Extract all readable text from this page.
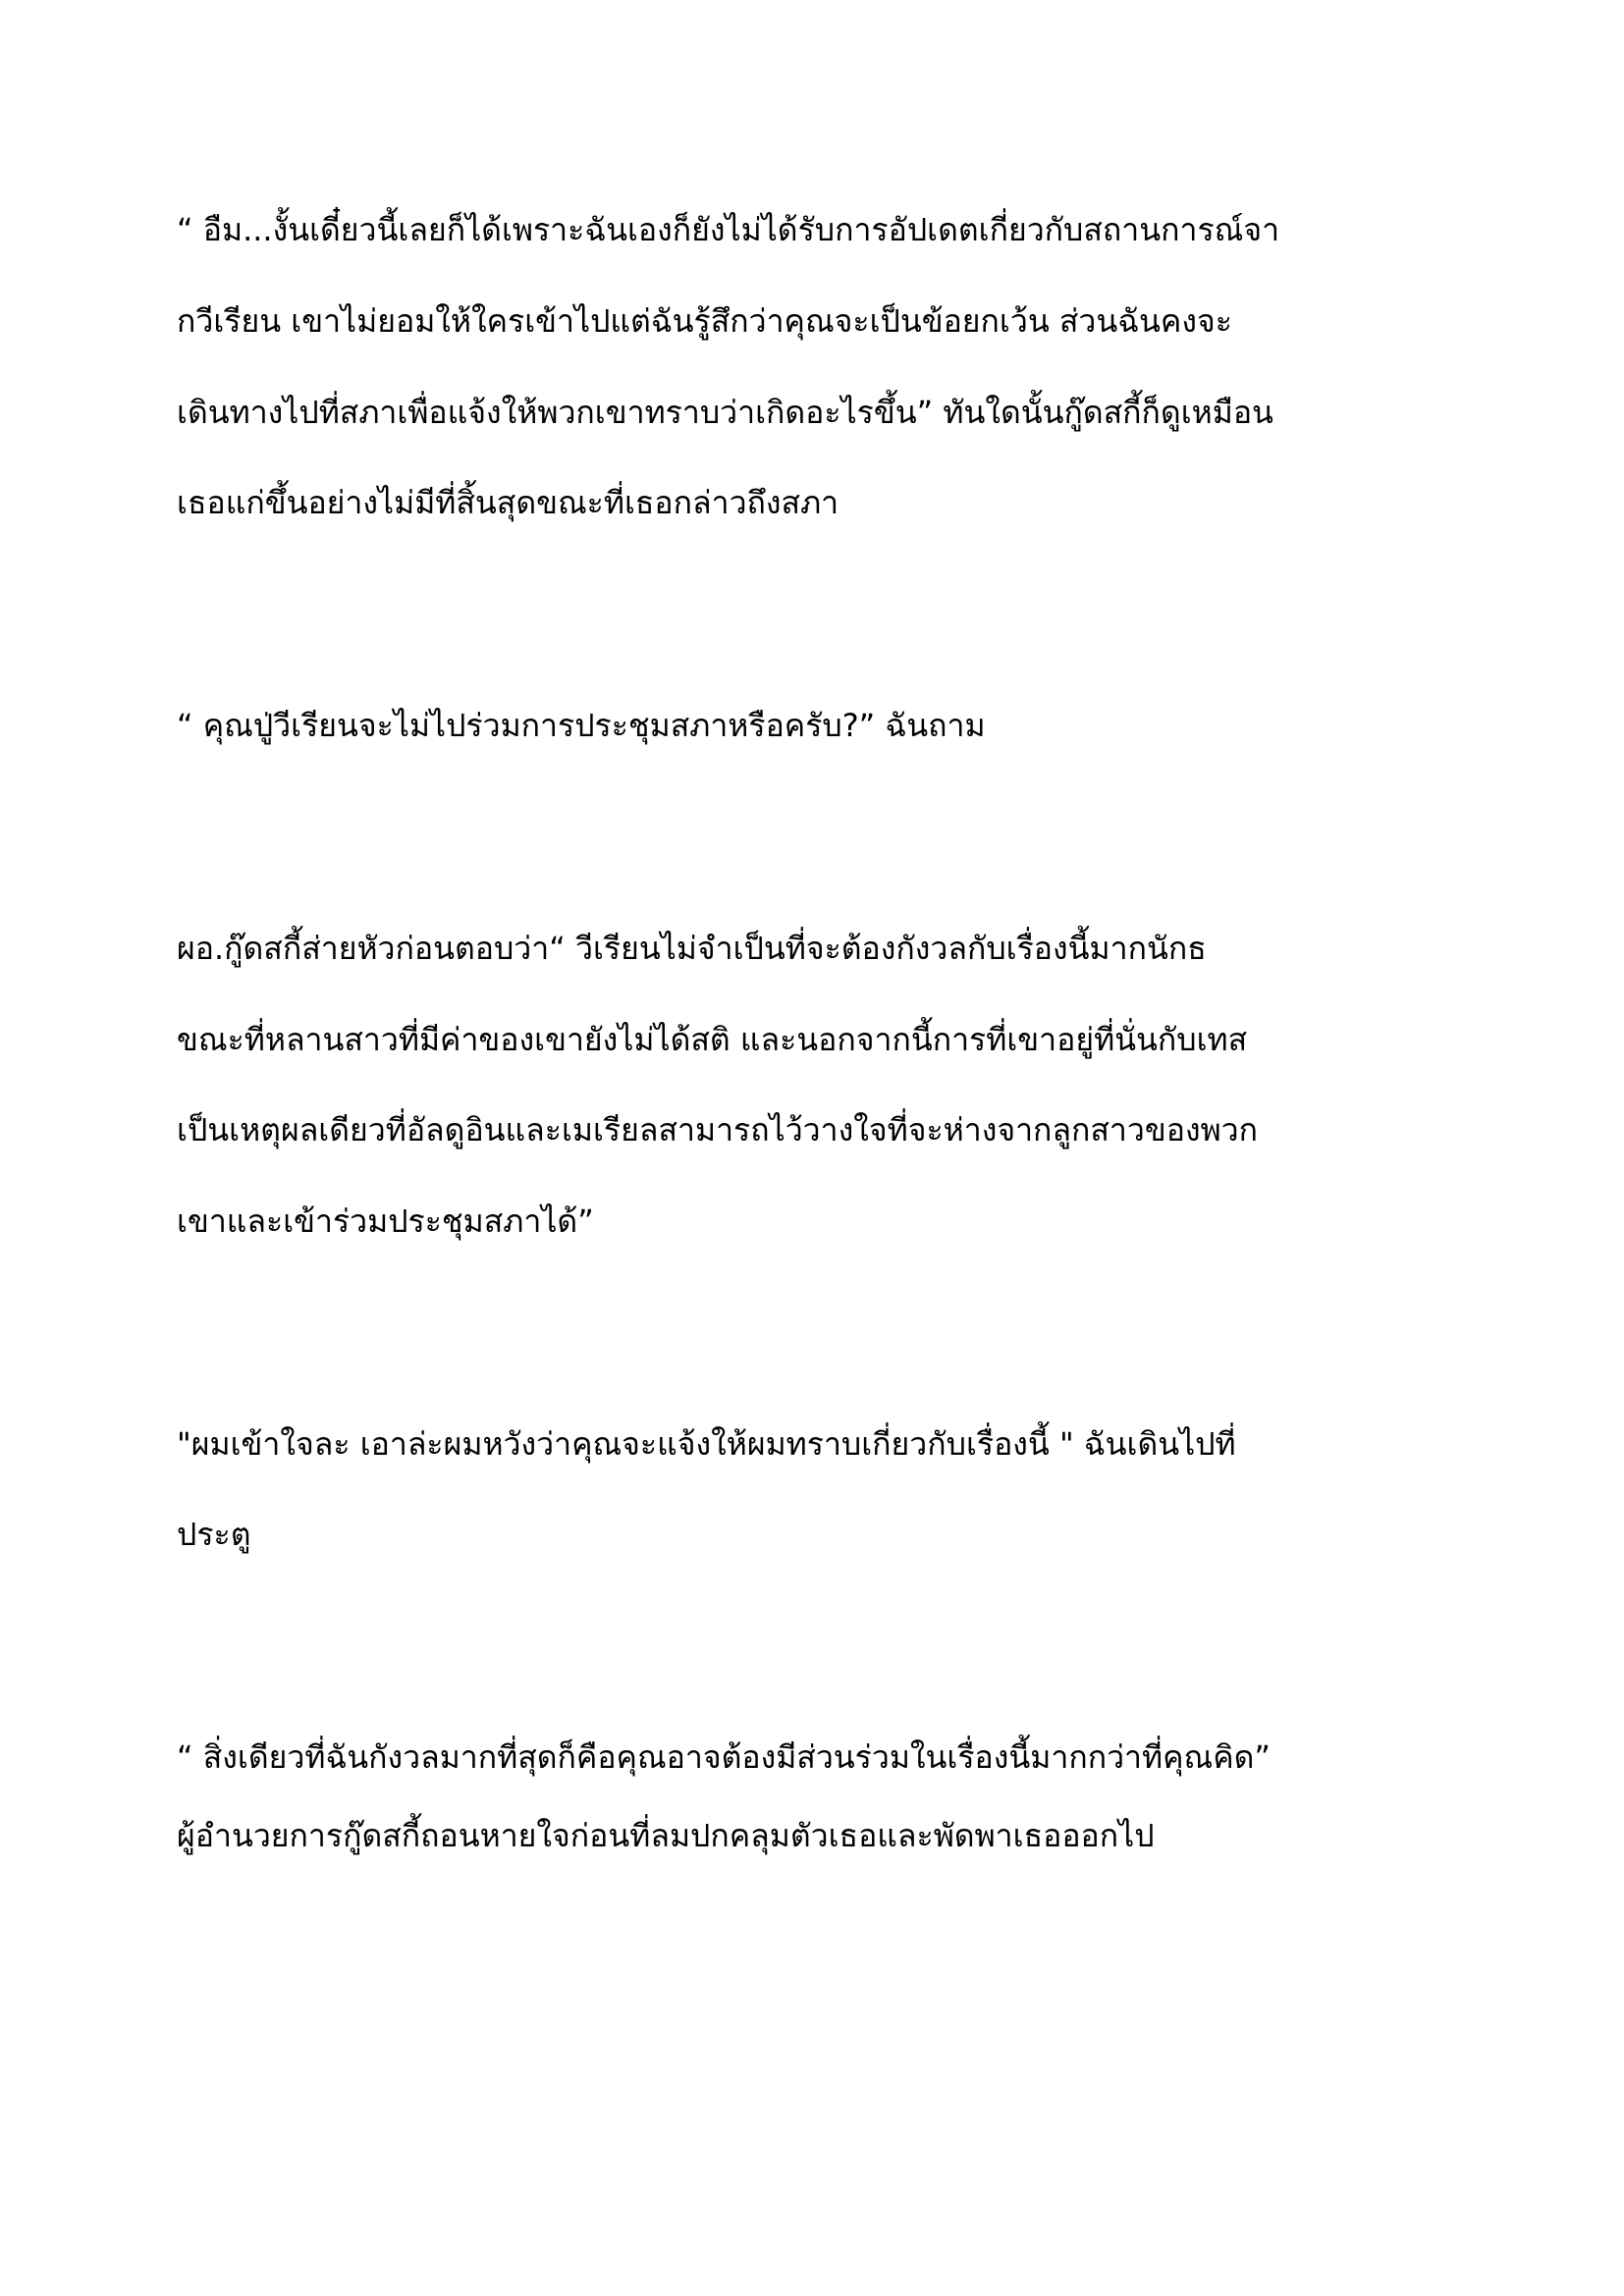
“ อืม...งั้นเดี๋ยวนี้เลยก็ได้เพราะฉันเองก็ยังไม่ได้รับการอัปเดตเกี่ยวกับสถานการณ์จา

กวีเรียน เขาไม่ยอมให้ใครเข้าไปแต่ฉันรู้สึกว่าคุณจะเป็นข้อยกเว้น ส่วนฉันคงจะ

เดินทางไปที่สภาเพื่อแจ้งให้พวกเขาทราบว่าเกิดอะไรขึ้น” ทันใดนั้นกู๊ดสกี้ก็ดูเหมือน

เธอแก่ขึ้นอย่างไม่มีที่สิ้นสุดขณะที่เธอกล่าวถึงสภา

“ คุณปู่วีเรียนจะไม่ไปร่วมการประชุมสภาหรือครับ?” ฉันถาม

ผอ.กู๊ดสกี้ส่ายหัวก่อนตอบว่า“ วีเรียนไม่จำเป็นที่จะต้องกังวลกับเรื่องนี้มากนักธ

ขณะที่หลานสาวที่มีค่าของเขายังไม่ได้สติ และนอกจากนี้การที่เขาอยู่ที่นั่นกับเทส

เป็นเหตุผลเดียวที่อัลดูอินและเมเรียลสามารถไว้วางใจที่จะห่างจากลูกสาวของพวก

เขาและเข้าร่วมประชุมสภาได้”

"ผมเข้าใจละ เอาล่ะผมหวังว่าคุณจะแจ้งให้ผมทราบเกี่ยวกับเรื่องนี้ " ฉันเดินไปที่

ประตู

“ สิ่งเดียวที่ฉันกังวลมากที่สุดก็คือคุณอาจต้องมีส่วนร่วมในเรื่องนี้มากกว่าที่คุณคิด”

ผู้อำนวยการกู๊ดสกี้ถอนหายใจก่อนที่ลมปกคลุมตัวเธอและพัดพาเธอออกไป
